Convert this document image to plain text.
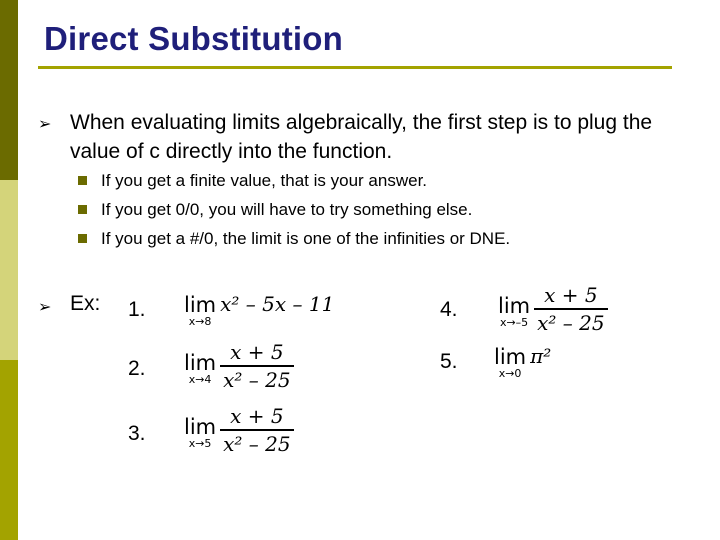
Direct Substitution
➢ When evaluating limits algebraically, the first step is to plug the value of c directly into the function.
If you get a finite value, that is your answer.
If you get 0/0, you will have to try something else.
If you get a #/0, the limit is one of the infinities or DNE.
➢ Ex: 1. lim
x→8
x² – 5x – 11
2. lim
$x\to 4 \frac{x + 5}{\text{x² – 25}}$
3. lim
$x\to 5 \frac{x + 5}{\text{x² – 25}}$
4. lim
$x\to-5 \frac{x + 5}{\text{x² – 25}}$
5. lim
x→0
π²
